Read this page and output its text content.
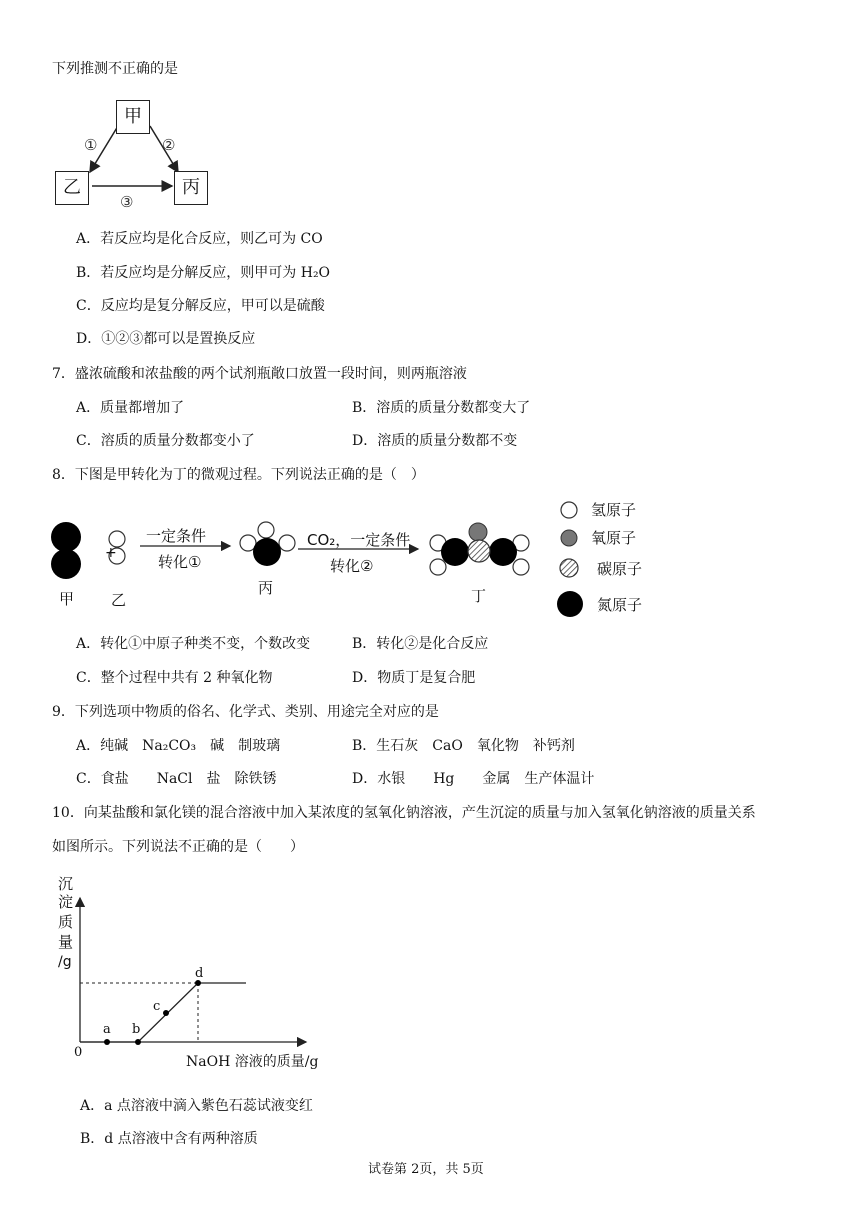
下列推测不正确的是
甲
乙	丙
①	②
③
A．若反应均是化合反应，则乙可为 CO
B．若反应均是分解反应，则甲可为 H₂O
C．反应均是复分解反应，甲可以是硫酸
D．①②③都可以是置换反应
7．盛浓硫酸和浓盐酸的两个试剂瓶敞口放置一段时间，则两瓶溶液
A．质量都增加了	B．溶质的质量分数都变大了
C．溶质的质量分数都变小了	D．溶质的质量分数都不变
8．下图是甲转化为丁的微观过程。下列说法正确的是（　）
+
一定条件
转化①
CO₂，一定条件
转化②
甲 乙
丙	丁
氢原子
氧原子
碳原子
氮原子
A．转化①中原子种类不变，个数改变	B．转化②是化合反应
C．整个过程中共有 2 种氧化物	D．物质丁是复合肥
9．下列选项中物质的俗名、化学式、类别、用途完全对应的是
A．纯碱　Na₂CO₃　碱　制玻璃	B．生石灰　CaO　氧化物　补钙剂
C．食盐　　NaCl　盐　除铁锈	D．水银　　Hg　　金属　生产体温计
10．向某盐酸和氯化镁的混合溶液中加入某浓度的氢氧化钠溶液，产生沉淀的质量与加入氢氧化钠溶液的质量关系
如图所示。下列说法不正确的是（　　）
沉
淀
质
量
/g
0
a b
c
d
NaOH 溶液的质量/g
A．a 点溶液中滴入紫色石蕊试液变红
B．d 点溶液中含有两种溶质
试卷第 2页，共 5页
